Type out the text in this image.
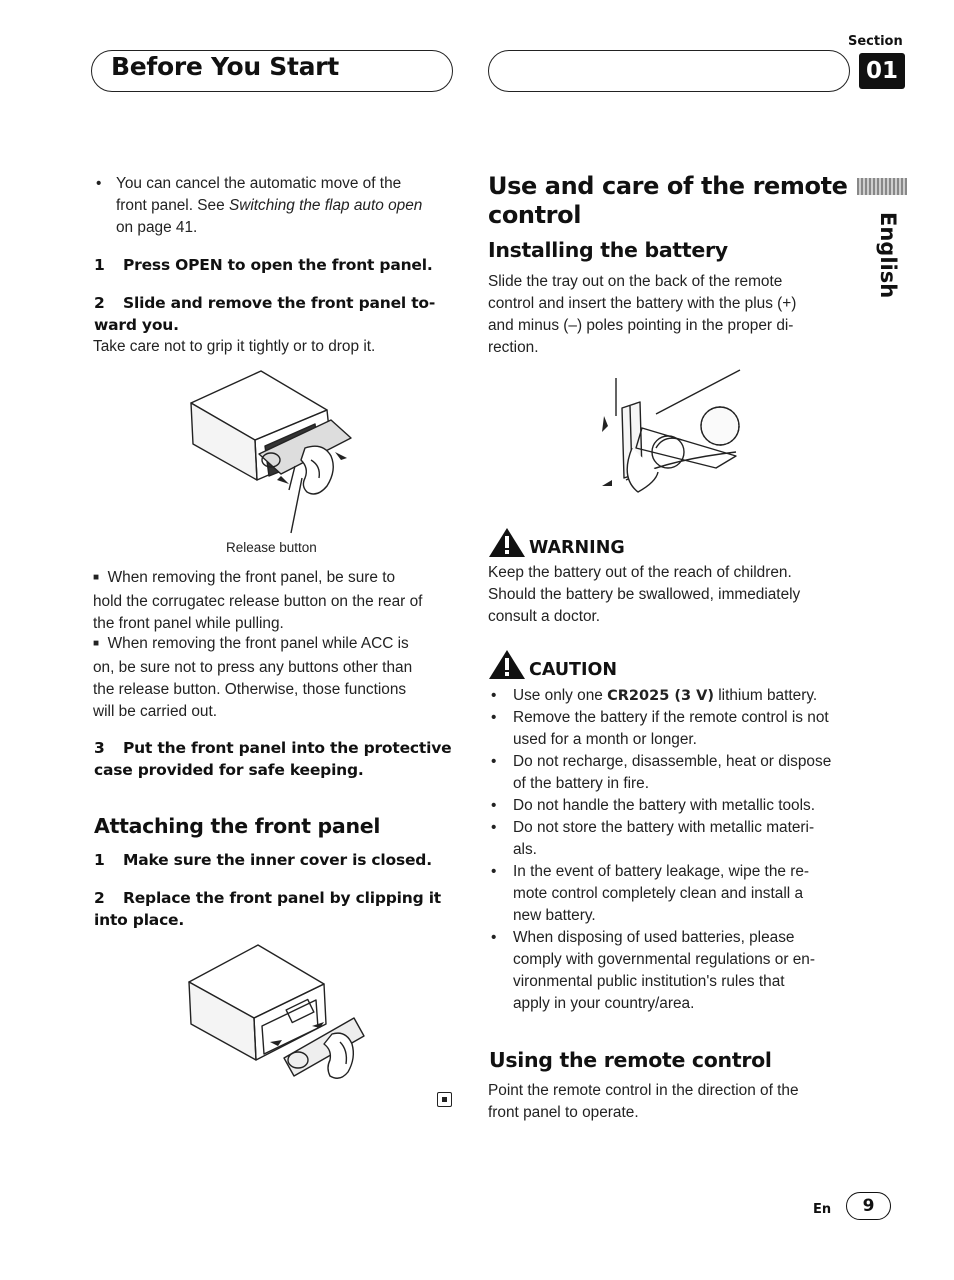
Before You Start
Section
01
English
• You can cancel the automatic move of the
front panel. See Switching the flap auto open
on page 41.
1 Press OPEN to open the front panel.
2 Slide and remove the front panel to-
ward you.
Take care not to grip it tightly or to drop it.
Release button
■ When removing the front panel, be sure to
hold the corrugatec release button on the rear of
the front panel while pulling.
■ When removing the front panel while ACC is
on, be sure not to press any buttons other than
the release button. Otherwise, those functions
will be carried out.
3 Put the front panel into the protective
case provided for safe keeping.
Attaching the front panel
1 Make sure the inner cover is closed.
2 Replace the front panel by clipping it
into place.
Use and care of the remote
control
Installing the battery
Slide the tray out on the back of the remote
control and insert the battery with the plus (+)
and minus (–) poles pointing in the proper di-
rection.
WARNING
Keep the battery out of the reach of children.
Should the battery be swallowed, immediately
consult a doctor.
CAUTION
• Use only one CR2025 (3 V) lithium battery.
• Remove the battery if the remote control is not
used for a month or longer.
• Do not recharge, disassemble, heat or dispose
of the battery in fire.
• Do not handle the battery with metallic tools.
• Do not store the battery with metallic materi-
als.
• In the event of battery leakage, wipe the re-
mote control completely clean and install a
new battery.
• When disposing of used batteries, please
comply with governmental regulations or en-
vironmental public institution's rules that
apply in your country/area.
Using the remote control
Point the remote control in the direction of the
front panel to operate.
En	9
